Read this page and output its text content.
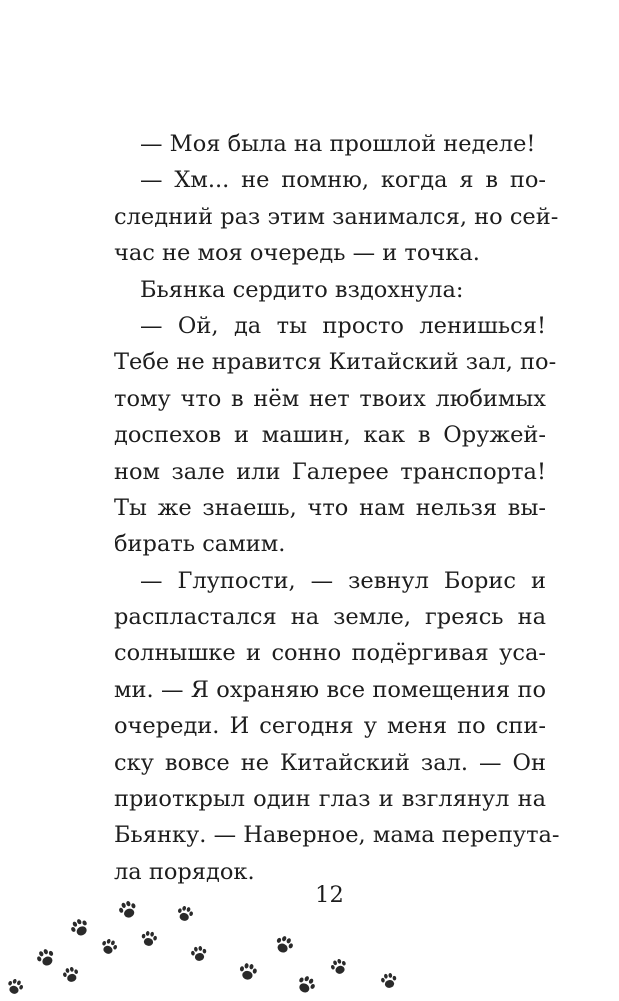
— Моя была на прошлой неделе!
— Хм... не помню, когда я в по-
следний раз этим занимался, но сей-
час не моя очередь — и точка.
Бьянка сердито вздохнула:
— Ой, да ты просто ленишься!
Тебе не нравится Китайский зал, по-
тому что в нём нет твоих любимых
доспехов и машин, как в Оружей-
ном зале или Галерее транспорта!
Ты же знаешь, что нам нельзя вы-
бирать самим.
— Глупости, — зевнул Борис и
распластался на земле, греясь на
солнышке и сонно подёргивая уса-
ми. — Я охраняю все помещения по
очереди. И сегодня у меня по спи-
ску вовсе не Китайский зал. — Он
приоткрыл один глаз и взглянул на
Бьянку. — Наверное, мама перепута-
ла порядок.
12
